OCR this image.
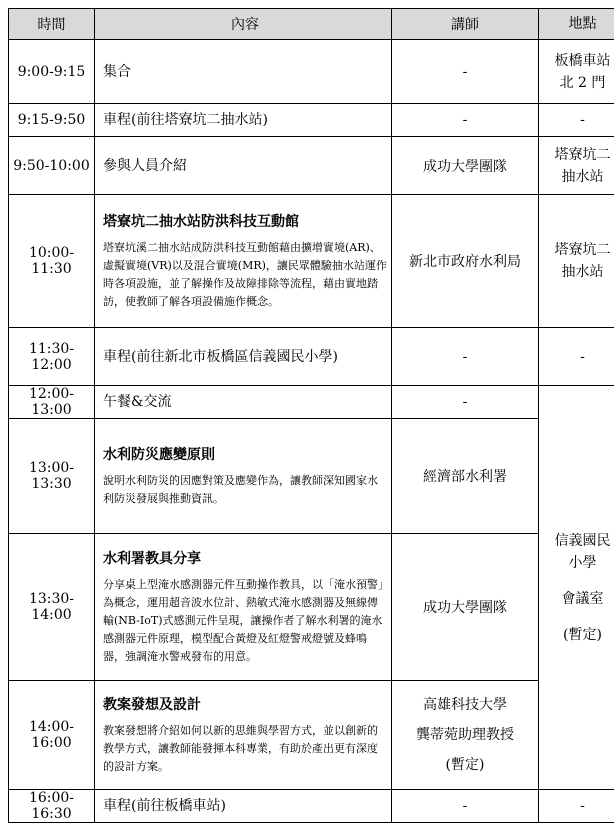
時間	內容	講師	地點
9:00-9:15	集合	-	板橋車站
北 2 門

9:15-9:50	車程(前往塔寮坑二抽水站)	-	-
9:50-10:00	參與人員介紹	成功大學團隊	塔寮坑二
抽水站

10:00-11:30	塔寮坑二抽水站防洪科技互動館
塔寮坑溪二抽水站成防洪科技互動館藉由擴增實境(AR)、虛擬實境(VR)以及混合實境(MR)，讓民眾體驗抽水站運作時各項設施，並了解操作及故障排除等流程，藉由實地踏訪，使教師了解各項設備施作概念。	新北市政府水利局	塔寮坑二
抽水站

11:30-12:00	車程(前往新北市板橋區信義國民小學)	-	-
12:00-13:00	午餐&交流	-	信義國民
小學
會議室
(暫定)

13:00-13:30	水利防災應變原則
說明水利防災的因應對策及應變作為，讓教師深知國家水利防災發展與推動資訊。	經濟部水利署	
13:30-14:00	水利署教具分享
分享桌上型淹水感測器元件互動操作教具，以「淹水預警」為概念，運用超音波水位計、熱敏式淹水感測器及無線傳輸(NB-IoT)式感測元件呈現，讓操作者了解水利署的淹水感測器元件原理，模型配合黃燈及紅燈警戒燈號及蜂鳴器，強調淹水警戒發布的用意。	成功大學團隊	
14:00-16:00	教案發想及設計
教案發想將介紹如何以新的思維與學習方式，並以創新的教學方式，讓教師能發揮本科專業，有助於產出更有深度的設計方案。	高雄科技大學
龔蒂菀助理教授
(暫定)	

16:00-16:30	車程(前往板橋車站)	-	-
